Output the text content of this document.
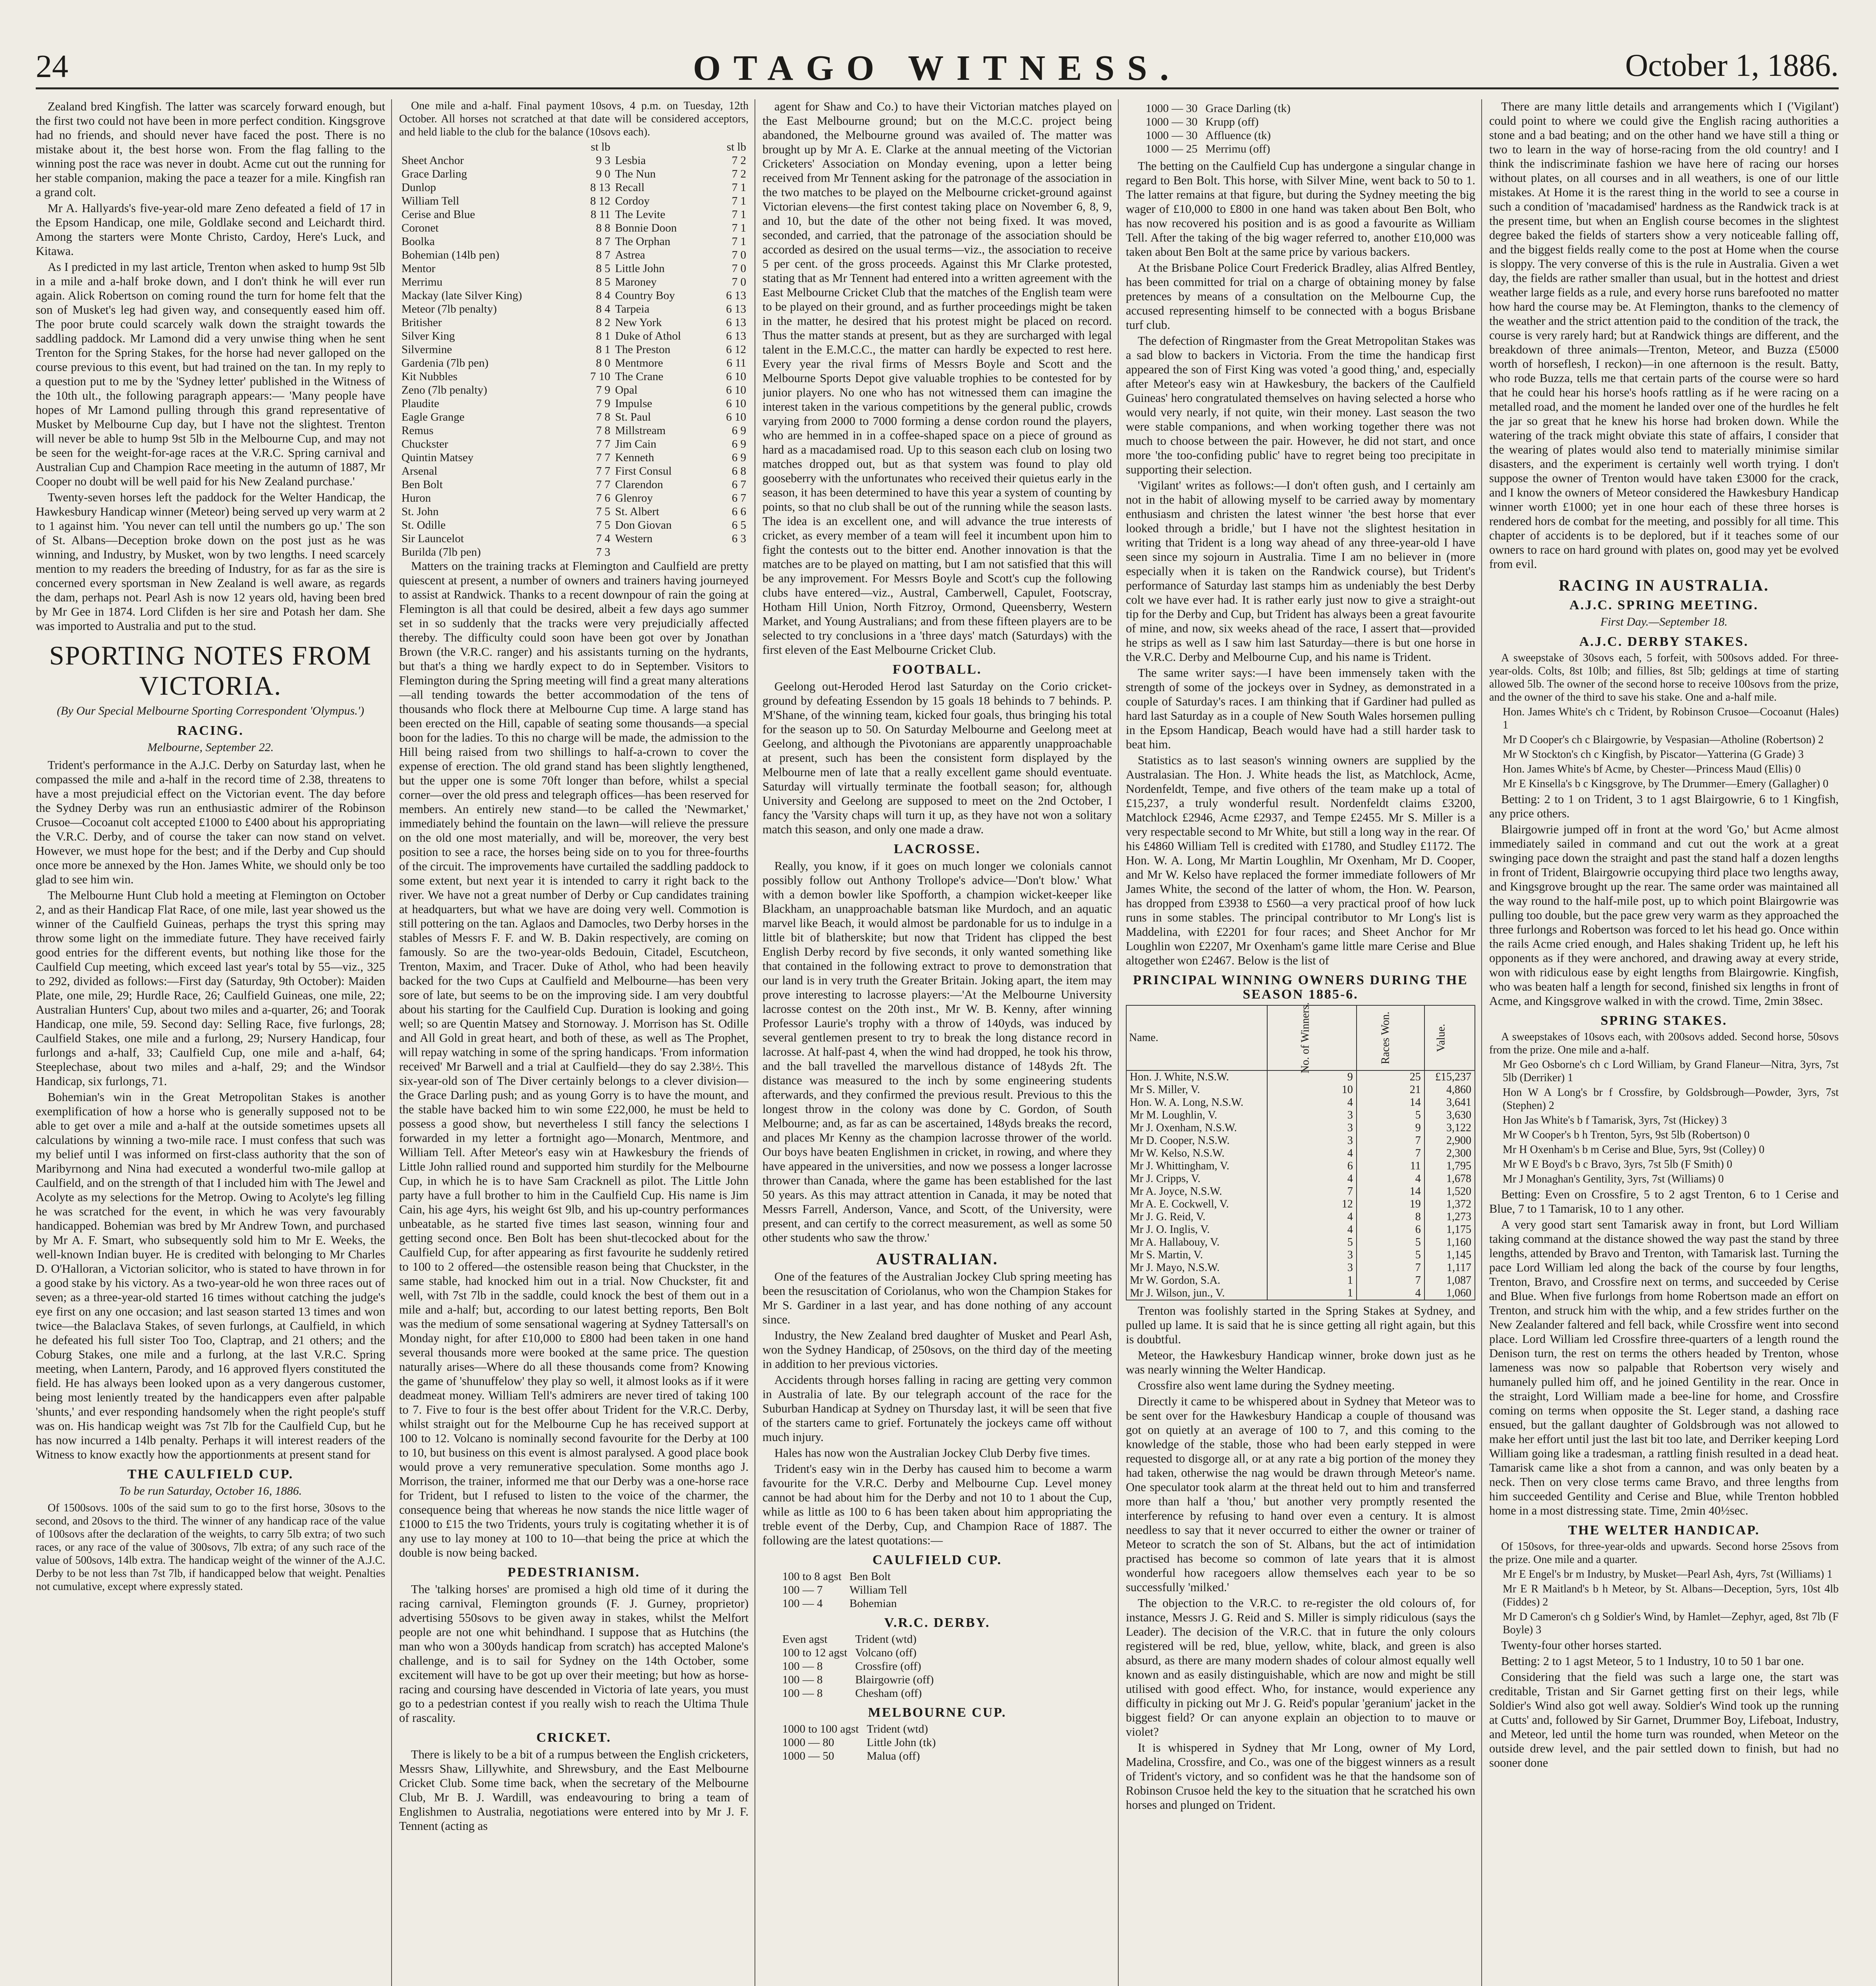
24	OTAGO WITNESS.	October 1, 1886.

Zealand bred Kingfish. The latter was scarcely forward enough, but the first two could not have been in more perfect condition. Kingsgrove had no friends, and should never have faced the post. There is no mistake about it, the best horse won. From the flag falling to the winning post the race was never in doubt. Acme cut out the running for her stable companion, making the pace a teazer for a mile. Kingfish ran a grand colt.

Mr A. Hallyards's five-year-old mare Zeno defeated a field of 17 in the Epsom Handicap, one mile, Goldlake second and Leichardt third. Among the starters were Monte Christo, Cardoy, Here's Luck, and Kitawa.

As I predicted in my last article, Trenton when asked to hump 9st 5lb in a mile and a-half broke down, and I don't think he will ever run again. Alick Robertson on coming round the turn for home felt that the son of Musket's leg had given way, and consequently eased him off. The poor brute could scarcely walk down the straight towards the saddling paddock. Mr Lamond did a very unwise thing when he sent Trenton for the Spring Stakes, for the horse had never galloped on the course previous to this event, but had trained on the tan. In my reply to a question put to me by the 'Sydney letter' published in the Witness of the 10th ult., the following paragraph appears:— 'Many people have hopes of Mr Lamond pulling through this grand representative of Musket by Melbourne Cup day, but I have not the slightest. Trenton will never be able to hump 9st 5lb in the Melbourne Cup, and may not be seen for the weight-for-age races at the V.R.C. Spring carnival and Australian Cup and Champion Race meeting in the autumn of 1887, Mr Cooper no doubt will be well paid for his New Zealand purchase.'

Twenty-seven horses left the paddock for the Welter Handicap, the Hawkesbury Handicap winner (Meteor) being served up very warm at 2 to 1 against him. 'You never can tell until the numbers go up.' The son of St. Albans—Deception broke down on the post just as he was winning, and Industry, by Musket, won by two lengths. I need scarcely mention to my readers the breeding of Industry, for as far as the sire is concerned every sportsman in New Zealand is well aware, as regards the dam, perhaps not. Pearl Ash is now 12 years old, having been bred by Mr Gee in 1874. Lord Clifden is her sire and Potash her dam. She was imported to Australia and put to the stud.

SPORTING NOTES FROM VICTORIA.
(By Our Special Melbourne Sporting Correspondent 'Olympus.')
RACING.
Melbourne, September 22.

Trident's performance in the A.J.C. Derby on Saturday last, when he compassed the mile and a-half in the record time of 2.38, threatens to have a most prejudicial effect on the Victorian event. The day before the Sydney Derby was run an enthusiastic admirer of the Robinson Crusoe—Cocoanut colt accepted £1000 to £400 about his appropriating the V.R.C. Derby, and of course the taker can now stand on velvet. However, we must hope for the best; and if the Derby and Cup should once more be annexed by the Hon. James White, we should only be too glad to see him win.

The Melbourne Hunt Club hold a meeting at Flemington on October 2, and as their Handicap Flat Race, of one mile, last year showed us the winner of the Caulfield Guineas, perhaps the tryst this spring may throw some light on the immediate future. They have received fairly good entries for the different events, but nothing like those for the Caulfield Cup meeting, which exceed last year's total by 55—viz., 325 to 292, divided as follows:—First day (Saturday, 9th October): Maiden Plate, one mile, 29; Hurdle Race, 26; Caulfield Guineas, one mile, 22; Australian Hunters' Cup, about two miles and a-quarter, 26; and Toorak Handicap, one mile, 59. Second day: Selling Race, five furlongs, 28; Caulfield Stakes, one mile and a furlong, 29; Nursery Handicap, four furlongs and a-half, 33; Caulfield Cup, one mile and a-half, 64; Steeplechase, about two miles and a-half, 29; and the Windsor Handicap, six furlongs, 71.

Bohemian's win in the Great Metropolitan Stakes is another exemplification of how a horse who is generally supposed not to be able to get over a mile and a-half at the outside sometimes upsets all calculations by winning a two-mile race. I must confess that such was my belief until I was informed on first-class authority that the son of Maribyrnong and Nina had executed a wonderful two-mile gallop at Caulfield, and on the strength of that I included him with The Jewel and Acolyte as my selections for the Metrop. Owing to Acolyte's leg filling he was scratched for the event, in which he was very favourably handicapped. Bohemian was bred by Mr Andrew Town, and purchased by Mr A. F. Smart, who subsequently sold him to Mr E. Weeks, the well-known Indian buyer. He is credited with belonging to Mr Charles D. O'Halloran, a Victorian solicitor, who is stated to have thrown in for a good stake by his victory. As a two-year-old he won three races out of seven; as a three-year-old started 16 times without catching the judge's eye first on any one occasion; and last season started 13 times and won twice—the Balaclava Stakes, of seven furlongs, at Caulfield, in which he defeated his full sister Too Too, Claptrap, and 21 others; and the Coburg Stakes, one mile and a furlong, at the last V.R.C. Spring meeting, when Lantern, Parody, and 16 approved flyers constituted the field. He has always been looked upon as a very dangerous customer, being most leniently treated by the handicappers even after palpable 'shunts,' and ever responding handsomely when the right people's stuff was on. His handicap weight was 7st 7lb for the Caulfield Cup, but he has now incurred a 14lb penalty. Perhaps it will interest readers of the Witness to know exactly how the apportionments at present stand for

THE CAULFIELD CUP.
To be run Saturday, October 16, 1886.

Of 1500sovs. 100s of the said sum to go to the first horse, 30sovs to the second, and 20sovs to the third. The winner of any handicap race of the value of 100sovs after the declaration of the weights, to carry 5lb extra; of two such races, or any race of the value of 300sovs, 7lb extra; of any such race of the value of 500sovs, 14lb extra. The handicap weight of the winner of the A.J.C. Derby to be not less than 7st 7lb, if handicapped below that weight. Penalties not cumulative, except where expressly stated.

One mile and a-half. Final payment 10sovs, 4 p.m. on Tuesday, 12th October. All horses not scratched at that date will be considered acceptors, and held liable to the club for the balance (10sovs each).

	st lb		st lb
Sheet Anchor	9 3	Lesbia	7 2
Grace Darling	9 0	The Nun	7 2
Dunlop	8 13	Recall	7 1
William Tell	8 12	Cordoy	7 1
Cerise and Blue	8 11	The Levite	7 1
Coronet	8 8	Bonnie Doon	7 1
Boolka	8 7	The Orphan	7 1
Bohemian (14lb pen)	8 7	Astrea	7 0
Mentor	8 5	Little John	7 0
Merrimu	8 5	Maroney	7 0
Mackay (late Silver King)	8 4	Country Boy	6 13
Meteor (7lb penalty)	8 4	Tarpeia	6 13
Britisher	8 2	New York	6 13
Silver King	8 1	Duke of Athol	6 13
Silvermine	8 1	The Preston	6 12
Gardenia (7lb pen)	8 0	Mentmore	6 11
Kit Nubbles	7 10	The Crane	6 10
Zeno (7lb penalty)	7 9	Opal	6 10
Plaudite	7 9	Impulse	6 10
Eagle Grange	7 8	St. Paul	6 10
Remus	7 8	Millstream	6 9
Chuckster	7 7	Jim Cain	6 9
Quintin Matsey	7 7	Kenneth	6 9
Arsenal	7 7	First Consul	6 8
Ben Bolt	7 7	Clarendon	6 7
Huron	7 6	Glenroy	6 7
St. John	7 5	St. Albert	6 6
St. Odille	7 5	Don Giovan	6 5
Sir Launcelot	7 4	Western	6 3
Burilda (7lb pen)	7 3		

Matters on the training tracks at Flemington and Caulfield are pretty quiescent at present, a number of owners and trainers having journeyed to assist at Randwick. Thanks to a recent downpour of rain the going at Flemington is all that could be desired, albeit a few days ago summer set in so suddenly that the tracks were very prejudicially affected thereby. The difficulty could soon have been got over by Jonathan Brown (the V.R.C. ranger) and his assistants turning on the hydrants, but that's a thing we hardly expect to do in September. Visitors to Flemington during the Spring meeting will find a great many alterations—all tending towards the better accommodation of the tens of thousands who flock there at Melbourne Cup time. A large stand has been erected on the Hill, capable of seating some thousands—a special boon for the ladies. To this no charge will be made, the admission to the Hill being raised from two shillings to half-a-crown to cover the expense of erection. The old grand stand has been slightly lengthened, but the upper one is some 70ft longer than before, whilst a special corner—over the old press and telegraph offices—has been reserved for members. An entirely new stand—to be called the 'Newmarket,' immediately behind the fountain on the lawn—will relieve the pressure on the old one most materially, and will be, moreover, the very best position to see a race, the horses being side on to you for three-fourths of the circuit. The improvements have curtailed the saddling paddock to some extent, but next year it is intended to carry it right back to the river. We have not a great number of Derby or Cup candidates training at headquarters, but what we have are doing very well. Commotion is still pottering on the tan. Aglaos and Damocles, two Derby horses in the stables of Messrs F. F. and W. B. Dakin respectively, are coming on famously. So are the two-year-olds Bedouin, Citadel, Escutcheon, Trenton, Maxim, and Tracer. Duke of Athol, who had been heavily backed for the two Cups at Caulfield and Melbourne—has been very sore of late, but seems to be on the improving side. I am very doubtful about his starting for the Caulfield Cup. Duration is looking and going well; so are Quentin Matsey and Stornoway. J. Morrison has St. Odille and All Gold in great heart, and both of these, as well as The Prophet, will repay watching in some of the spring handicaps. 'From information received' Mr Barwell and a trial at Caulfield—they do say 2.38½. This six-year-old son of The Diver certainly belongs to a clever division—the Grace Darling push; and as young Gorry is to have the mount, and the stable have backed him to win some £22,000, he must be held to possess a good show, but nevertheless I still fancy the selections I forwarded in my letter a fortnight ago—Monarch, Mentmore, and William Tell. After Meteor's easy win at Hawkesbury the friends of Little John rallied round and supported him sturdily for the Melbourne Cup, in which he is to have Sam Cracknell as pilot. The Little John party have a full brother to him in the Caulfield Cup. His name is Jim Cain, his age 4yrs, his weight 6st 9lb, and his up-country performances unbeatable, as he started five times last season, winning four and getting second once. Ben Bolt has been shut-tlecocked about for the Caulfield Cup, for after appearing as first favourite he suddenly retired to 100 to 2 offered—the ostensible reason being that Chuckster, in the same stable, had knocked him out in a trial. Now Chuckster, fit and well, with 7st 7lb in the saddle, could knock the best of them out in a mile and a-half; but, according to our latest betting reports, Ben Bolt was the medium of some sensational wagering at Sydney Tattersall's on Monday night, for after £10,000 to £800 had been taken in one hand several thousands more were booked at the same price. The question naturally arises—Where do all these thousands come from? Knowing the game of 'shunuffelow' they play so well, it almost looks as if it were deadmeat money. William Tell's admirers are never tired of taking 100 to 7. Five to four is the best offer about Trident for the V.R.C. Derby, whilst straight out for the Melbourne Cup he has received support at 100 to 12. Volcano is nominally second favourite for the Derby at 100 to 10, but business on this event is almost paralysed. A good place book would prove a very remunerative speculation. Some months ago J. Morrison, the trainer, informed me that our Derby was a one-horse race for Trident, but I refused to listen to the voice of the charmer, the consequence being that whereas he now stands the nice little wager of £1000 to £15 the two Tridents, yours truly is cogitating whether it is of any use to lay money at 100 to 10—that being the price at which the double is now being backed.

PEDESTRIANISM.

The 'talking horses' are promised a high old time of it during the racing carnival, Flemington grounds (F. J. Gurney, proprietor) advertising 550sovs to be given away in stakes, whilst the Melfort people are not one whit behindhand. I suppose that as Hutchins (the man who won a 300yds handicap from scratch) has accepted Malone's challenge, and is to sail for Sydney on the 14th October, some excitement will have to be got up over their meeting; but how as horse-racing and coursing have descended in Victoria of late years, you must go to a pedestrian contest if you really wish to reach the Ultima Thule of rascality.

CRICKET.

There is likely to be a bit of a rumpus between the English cricketers, Messrs Shaw, Lillywhite, and Shrewsbury, and the East Melbourne Cricket Club. Some time back, when the secretary of the Melbourne Club, Mr B. J. Wardill, was endeavouring to bring a team of Englishmen to Australia, negotiations were entered into by Mr J. F. Tennent (acting as

agent for Shaw and Co.) to have their Victorian matches played on the East Melbourne ground; but on the M.C.C. project being abandoned, the Melbourne ground was availed of. The matter was brought up by Mr A. E. Clarke at the annual meeting of the Victorian Cricketers' Association on Monday evening, upon a letter being received from Mr Tennent asking for the patronage of the association in the two matches to be played on the Melbourne cricket-ground against Victorian elevens—the first contest taking place on November 6, 8, 9, and 10, but the date of the other not being fixed. It was moved, seconded, and carried, that the patronage of the association should be accorded as desired on the usual terms—viz., the association to receive 5 per cent. of the gross proceeds. Against this Mr Clarke protested, stating that as Mr Tennent had entered into a written agreement with the East Melbourne Cricket Club that the matches of the English team were to be played on their ground, and as further proceedings might be taken in the matter, he desired that his protest might be placed on record. Thus the matter stands at present, but as they are surcharged with legal talent in the E.M.C.C., the matter can hardly be expected to rest here. Every year the rival firms of Messrs Boyle and Scott and the Melbourne Sports Depot give valuable trophies to be contested for by junior players. No one who has not witnessed them can imagine the interest taken in the various competitions by the general public, crowds varying from 2000 to 7000 forming a dense cordon round the players, who are hemmed in in a coffee-shaped space on a piece of ground as hard as a macadamised road. Up to this season each club on losing two matches dropped out, but as that system was found to play old gooseberry with the unfortunates who received their quietus early in the season, it has been determined to have this year a system of counting by points, so that no club shall be out of the running while the season lasts. The idea is an excellent one, and will advance the true interests of cricket, as every member of a team will feel it incumbent upon him to fight the contests out to the bitter end. Another innovation is that the matches are to be played on matting, but I am not satisfied that this will be any improvement. For Messrs Boyle and Scott's cup the following clubs have entered—viz., Austral, Camberwell, Capulet, Footscray, Hotham Hill Union, North Fitzroy, Ormond, Queensberry, Western Market, and Young Australians; and from these fifteen players are to be selected to try conclusions in a 'three days' match (Saturdays) with the first eleven of the East Melbourne Cricket Club.

FOOTBALL.

Geelong out-Heroded Herod last Saturday on the Corio cricket-ground by defeating Essendon by 15 goals 18 behinds to 7 behinds. P. M'Shane, of the winning team, kicked four goals, thus bringing his total for the season up to 50. On Saturday Melbourne and Geelong meet at Geelong, and although the Pivotonians are apparently unapproachable at present, such has been the consistent form displayed by the Melbourne men of late that a really excellent game should eventuate. Saturday will virtually terminate the football season; for, although University and Geelong are supposed to meet on the 2nd October, I fancy the 'Varsity chaps will turn it up, as they have not won a solitary match this season, and only one made a draw.

LACROSSE.

Really, you know, if it goes on much longer we colonials cannot possibly follow out Anthony Trollope's advice—'Don't blow.' What with a demon bowler like Spofforth, a champion wicket-keeper like Blackham, an unapproachable batsman like Murdoch, and an aquatic marvel like Beach, it would almost be pardonable for us to indulge in a little bit of blatherskite; but now that Trident has clipped the best English Derby record by five seconds, it only wanted something like that contained in the following extract to prove to demonstration that our land is in very truth the Greater Britain. Joking apart, the item may prove interesting to lacrosse players:—'At the Melbourne University lacrosse contest on the 20th inst., Mr W. B. Kenny, after winning Professor Laurie's trophy with a throw of 140yds, was induced by several gentlemen present to try to break the long distance record in lacrosse. At half-past 4, when the wind had dropped, he took his throw, and the ball travelled the marvellous distance of 148yds 2ft. The distance was measured to the inch by some engineering students afterwards, and they confirmed the previous result. Previous to this the longest throw in the colony was done by C. Gordon, of South Melbourne; and, as far as can be ascertained, 148yds breaks the record, and places Mr Kenny as the champion lacrosse thrower of the world. Our boys have beaten Englishmen in cricket, in rowing, and where they have appeared in the universities, and now we possess a longer lacrosse thrower than Canada, where the game has been established for the last 50 years. As this may attract attention in Canada, it may be noted that Messrs Farrell, Anderson, Vance, and Scott, of the University, were present, and can certify to the correct measurement, as well as some 50 other students who saw the throw.'

AUSTRALIAN.

One of the features of the Australian Jockey Club spring meeting has been the resuscitation of Coriolanus, who won the Champion Stakes for Mr S. Gardiner in a last year, and has done nothing of any account since.

Industry, the New Zealand bred daughter of Musket and Pearl Ash, won the Sydney Handicap, of 250sovs, on the third day of the meeting in addition to her previous victories.

Accidents through horses falling in racing are getting very common in Australia of late. By our telegraph account of the race for the Suburban Handicap at Sydney on Thursday last, it will be seen that five of the starters came to grief. Fortunately the jockeys came off without much injury.

Hales has now won the Australian Jockey Club Derby five times.

Trident's easy win in the Derby has caused him to become a warm favourite for the V.R.C. Derby and Melbourne Cup. Level money cannot be had about him for the Derby and not 10 to 1 about the Cup, while as little as 100 to 6 has been taken about him appropriating the treble event of the Derby, Cup, and Champion Race of 1887. The following are the latest quotations:—

CAULFIELD CUP.
100 to 8 agst	Ben Bolt
100 — 7	William Tell
100 — 4	Bohemian
V.R.C. DERBY.
Even agst	Trident (wtd)
100 to 12 agst	Volcano (off)
100 — 8	Crossfire (off)
100 — 8	Blairgowrie (off)
100 — 8	Chesham (off)
MELBOURNE CUP.
1000 to 100 agst	Trident (wtd)
1000 — 80	Little John (tk)
1000 — 50	Malua (off)
1000 — 30	Grace Darling (tk)
1000 — 30	Krupp (off)
1000 — 30	Affluence (tk)
1000 — 25	Merrimu (off)

The betting on the Caulfield Cup has undergone a singular change in regard to Ben Bolt. This horse, with Silver Mine, went back to 50 to 1. The latter remains at that figure, but during the Sydney meeting the big wager of £10,000 to £800 in one hand was taken about Ben Bolt, who has now recovered his position and is as good a favourite as William Tell. After the taking of the big wager referred to, another £10,000 was taken about Ben Bolt at the same price by various backers.

At the Brisbane Police Court Frederick Bradley, alias Alfred Bentley, has been committed for trial on a charge of obtaining money by false pretences by means of a consultation on the Melbourne Cup, the accused representing himself to be connected with a bogus Brisbane turf club.

The defection of Ringmaster from the Great Metropolitan Stakes was a sad blow to backers in Victoria. From the time the handicap first appeared the son of First King was voted 'a good thing,' and, especially after Meteor's easy win at Hawkesbury, the backers of the Caulfield Guineas' hero congratulated themselves on having selected a horse who would very nearly, if not quite, win their money. Last season the two were stable companions, and when working together there was not much to choose between the pair. However, he did not start, and once more 'the too-confiding public' have to regret being too precipitate in supporting their selection.

'Vigilant' writes as follows:—I don't often gush, and I certainly am not in the habit of allowing myself to be carried away by momentary enthusiasm and christen the latest winner 'the best horse that ever looked through a bridle,' but I have not the slightest hesitation in writing that Trident is a long way ahead of any three-year-old I have seen since my sojourn in Australia. Time I am no believer in (more especially when it is taken on the Randwick course), but Trident's performance of Saturday last stamps him as undeniably the best Derby colt we have ever had. It is rather early just now to give a straight-out tip for the Derby and Cup, but Trident has always been a great favourite of mine, and now, six weeks ahead of the race, I assert that—provided he strips as well as I saw him last Saturday—there is but one horse in the V.R.C. Derby and Melbourne Cup, and his name is Trident.

The same writer says:—I have been immensely taken with the strength of some of the jockeys over in Sydney, as demonstrated in a couple of Saturday's races. I am thinking that if Gardiner had pulled as hard last Saturday as in a couple of New South Wales horsemen pulling in the Epsom Handicap, Beach would have had a still harder task to beat him.

Statistics as to last season's winning owners are supplied by the Australasian. The Hon. J. White heads the list, as Matchlock, Acme, Nordenfeldt, Tempe, and five others of the team make up a total of £15,237, a truly wonderful result. Nordenfeldt claims £3200, Matchlock £2946, Acme £2937, and Tempe £2455. Mr S. Miller is a very respectable second to Mr White, but still a long way in the rear. Of his £4860 William Tell is credited with £1780, and Studley £1172. The Hon. W. A. Long, Mr Martin Loughlin, Mr Oxenham, Mr D. Cooper, and Mr W. Kelso have replaced the former immediate followers of Mr James White, the second of the latter of whom, the Hon. W. Pearson, has dropped from £3938 to £560—a very practical proof of how luck runs in some stables. The principal contributor to Mr Long's list is Maddelina, with £2201 for four races; and Sheet Anchor for Mr Loughlin won £2207, Mr Oxenham's game little mare Cerise and Blue altogether won £2467. Below is the list of

PRINCIPAL WINNING OWNERS DURING THE SEASON 1885-6.
Name.	No. of Winners.	Races Won.	Value.
Hon. J. White, N.S.W.	9	25	£15,237
Mr S. Miller, V.	10	21	4,860
Hon. W. A. Long, N.S.W.	4	14	3,641
Mr M. Loughlin, V.	3	5	3,630
Mr J. Oxenham, N.S.W.	3	9	3,122
Mr D. Cooper, N.S.W.	3	7	2,900
Mr W. Kelso, N.S.W.	4	7	2,300
Mr J. Whittingham, V.	6	11	1,795
Mr J. Cripps, V.	4	4	1,678
Mr A. Joyce, N.S.W.	7	14	1,520
Mr A. E. Cockwell, V.	12	19	1,372
Mr J. G. Reid, V.	4	8	1,273
Mr J. O. Inglis, V.	4	6	1,175
Mr A. Hallabouy, V.	5	5	1,160
Mr S. Martin, V.	3	5	1,145
Mr J. Mayo, N.S.W.	3	7	1,117
Mr W. Gordon, S.A.	1	7	1,087
Mr J. Wilson, jun., V.	1	4	1,060

Trenton was foolishly started in the Spring Stakes at Sydney, and pulled up lame. It is said that he is since getting all right again, but this is doubtful.

Meteor, the Hawkesbury Handicap winner, broke down just as he was nearly winning the Welter Handicap.

Crossfire also went lame during the Sydney meeting.

Directly it came to be whispered about in Sydney that Meteor was to be sent over for the Hawkesbury Handicap a couple of thousand was got on quietly at an average of 100 to 7, and this coming to the knowledge of the stable, those who had been early stepped in were requested to disgorge all, or at any rate a big portion of the money they had taken, otherwise the nag would be drawn through Meteor's name. One speculator took alarm at the threat held out to him and transferred more than half a 'thou,' but another very promptly resented the interference by refusing to hand over even a century. It is almost needless to say that it never occurred to either the owner or trainer of Meteor to scratch the son of St. Albans, but the act of intimidation practised has become so common of late years that it is almost wonderful how racegoers allow themselves each year to be so successfully 'milked.'

The objection to the V.R.C. to re-register the old colours of, for instance, Messrs J. G. Reid and S. Miller is simply ridiculous (says the Leader). The decision of the V.R.C. that in future the only colours registered will be red, blue, yellow, white, black, and green is also absurd, as there are many modern shades of colour almost equally well known and as easily distinguishable, which are now and might be still utilised with good effect. Who, for instance, would experience any difficulty in picking out Mr J. G. Reid's popular 'geranium' jacket in the biggest field? Or can anyone explain an objection to to mauve or violet?

It is whispered in Sydney that Mr Long, owner of My Lord, Madelina, Crossfire, and Co., was one of the biggest winners as a result of Trident's victory, and so confident was he that the handsome son of Robinson Crusoe held the key to the situation that he scratched his own horses and plunged on Trident.

There are many little details and arrangements which I ('Vigilant') could point to where we could give the English racing authorities a stone and a bad beating; and on the other hand we have still a thing or two to learn in the way of horse-racing from the old country! and I think the indiscriminate fashion we have here of racing our horses without plates, on all courses and in all weathers, is one of our little mistakes. At Home it is the rarest thing in the world to see a course in such a condition of 'macadamised' hardness as the Randwick track is at the present time, but when an English course becomes in the slightest degree baked the fields of starters show a very noticeable falling off, and the biggest fields really come to the post at Home when the course is sloppy. The very converse of this is the rule in Australia. Given a wet day, the fields are rather smaller than usual, but in the hottest and driest weather large fields as a rule, and every horse runs barefooted no matter how hard the course may be. At Flemington, thanks to the clemency of the weather and the strict attention paid to the condition of the track, the course is very rarely hard; but at Randwick things are different, and the breakdown of three animals—Trenton, Meteor, and Buzza (£5000 worth of horseflesh, I reckon)—in one afternoon is the result. Batty, who rode Buzza, tells me that certain parts of the course were so hard that he could hear his horse's hoofs rattling as if he were racing on a metalled road, and the moment he landed over one of the hurdles he felt the jar so great that he knew his horse had broken down. While the watering of the track might obviate this state of affairs, I consider that the wearing of plates would also tend to materially minimise similar disasters, and the experiment is certainly well worth trying. I don't suppose the owner of Trenton would have taken £3000 for the crack, and I know the owners of Meteor considered the Hawkesbury Handicap winner worth £1000; yet in one hour each of these three horses is rendered hors de combat for the meeting, and possibly for all time. This chapter of accidents is to be deplored, but if it teaches some of our owners to race on hard ground with plates on, good may yet be evolved from evil.

RACING IN AUSTRALIA.
A.J.C. SPRING MEETING.
First Day.—September 18.
A.J.C. DERBY STAKES.

A sweepstake of 30sovs each, 5 forfeit, with 500sovs added. For three-year-olds. Colts, 8st 10lb; and fillies, 8st 5lb; geldings at time of starting allowed 5lb. The owner of the second horse to receive 100sovs from the prize, and the owner of the third to save his stake. One and a-half mile.

Hon. James White's ch c Trident, by Robinson Crusoe—Cocoanut (Hales) 1

Mr D Cooper's ch c Blairgowrie, by Vespasian—Atholine (Robertson) 2

Mr W Stockton's ch c Kingfish, by Piscator—Yatterina (G Grade) 3

Hon. James White's bf Acme, by Chester—Princess Maud (Ellis) 0

Mr E Kinsella's b c Kingsgrove, by The Drummer—Emery (Gallagher) 0

Betting: 2 to 1 on Trident, 3 to 1 agst Blairgowrie, 6 to 1 Kingfish, any price others.

Blairgowrie jumped off in front at the word 'Go,' but Acme almost immediately sailed in command and cut out the work at a great swinging pace down the straight and past the stand half a dozen lengths in front of Trident, Blairgowrie occupying third place two lengths away, and Kingsgrove brought up the rear. The same order was maintained all the way round to the half-mile post, up to which point Blairgowrie was pulling too double, but the pace grew very warm as they approached the three furlongs and Robertson was forced to let his head go. Once within the rails Acme cried enough, and Hales shaking Trident up, he left his opponents as if they were anchored, and drawing away at every stride, won with ridiculous ease by eight lengths from Blairgowrie. Kingfish, who was beaten half a length for second, finished six lengths in front of Acme, and Kingsgrove walked in with the crowd. Time, 2min 38sec.

SPRING STAKES.

A sweepstakes of 10sovs each, with 200sovs added. Second horse, 50sovs from the prize. One mile and a-half.

Mr Geo Osborne's ch c Lord William, by Grand Flaneur—Nitra, 3yrs, 7st 5lb (Derriker) 1

Hon W A Long's br f Crossfire, by Goldsbrough—Powder, 3yrs, 7st (Stephen) 2

Hon Jas White's b f Tamarisk, 3yrs, 7st (Hickey) 3

Mr W Cooper's b h Trenton, 5yrs, 9st 5lb (Robertson) 0

Mr H Oxenham's b m Cerise and Blue, 5yrs, 9st (Colley) 0

Mr W E Boyd's b c Bravo, 3yrs, 7st 5lb (F Smith) 0

Mr J Monaghan's Gentility, 3yrs, 7st (Williams) 0

Betting: Even on Crossfire, 5 to 2 agst Trenton, 6 to 1 Cerise and Blue, 7 to 1 Tamarisk, 10 to 1 any other.

A very good start sent Tamarisk away in front, but Lord William taking command at the distance showed the way past the stand by three lengths, attended by Bravo and Trenton, with Tamarisk last. Turning the pace Lord William led along the back of the course by four lengths, Trenton, Bravo, and Crossfire next on terms, and succeeded by Cerise and Blue. When five furlongs from home Robertson made an effort on Trenton, and struck him with the whip, and a few strides further on the New Zealander faltered and fell back, while Crossfire went into second place. Lord William led Crossfire three-quarters of a length round the Denison turn, the rest on terms the others headed by Trenton, whose lameness was now so palpable that Robertson very wisely and humanely pulled him off, and he joined Gentility in the rear. Once in the straight, Lord William made a bee-line for home, and Crossfire coming on terms when opposite the St. Leger stand, a dashing race ensued, but the gallant daughter of Goldsbrough was not allowed to make her effort until just the last bit too late, and Derriker keeping Lord William going like a tradesman, a rattling finish resulted in a dead heat. Tamarisk came like a shot from a cannon, and was only beaten by a neck. Then on very close terms came Bravo, and three lengths from him succeeded Gentility and Cerise and Blue, while Trenton hobbled home in a most distressing state. Time, 2min 40½sec.

THE WELTER HANDICAP.

Of 150sovs, for three-year-olds and upwards. Second horse 25sovs from the prize. One mile and a quarter.

Mr E Engel's br m Industry, by Musket—Pearl Ash, 4yrs, 7st (Williams) 1

Mr E R Maitland's b h Meteor, by St. Albans—Deception, 5yrs, 10st 4lb (Fiddes) 2

Mr D Cameron's ch g Soldier's Wind, by Hamlet—Zephyr, aged, 8st 7lb (F Boyle) 3

Twenty-four other horses started.

Betting: 2 to 1 agst Meteor, 5 to 1 Industry, 10 to 50 1 bar one.

Considering that the field was such a large one, the start was creditable, Tristan and Sir Garnet getting first on their legs, while Soldier's Wind also got well away. Soldier's Wind took up the running at Cutts' and, followed by Sir Garnet, Drummer Boy, Lifeboat, Industry, and Meteor, led until the home turn was rounded, when Meteor on the outside drew level, and the pair settled down to finish, but had no sooner done
